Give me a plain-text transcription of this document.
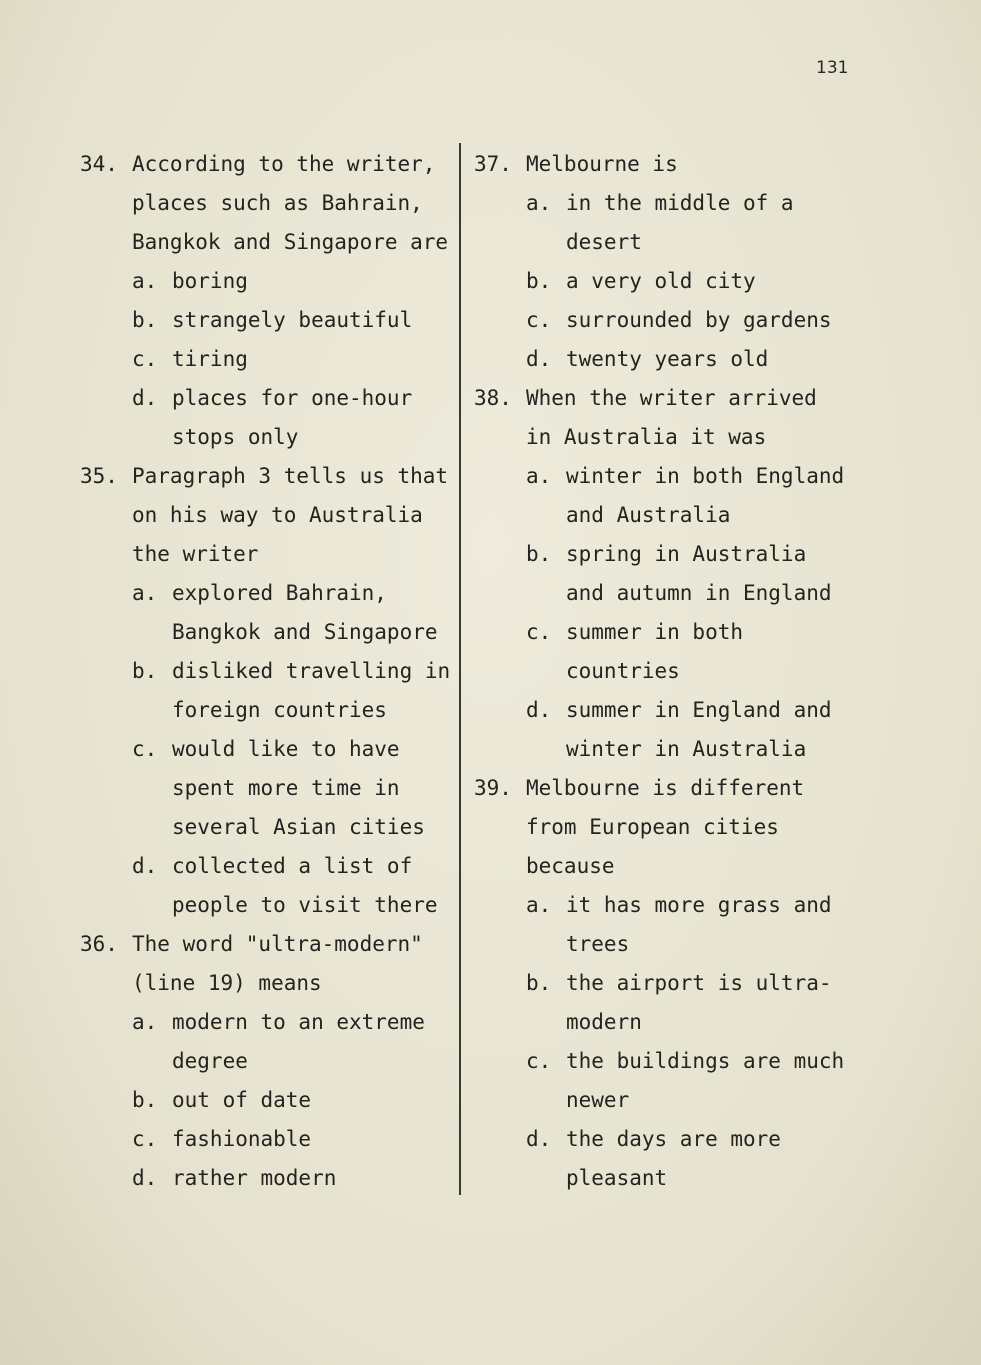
131
34. According to the writer,
places such as Bahrain,
Bangkok and Singapore are
a. boring
b. strangely beautiful
c. tiring
d. places for one-hour
stops only
35. Paragraph 3 tells us that
on his way to Australia
the writer
a. explored Bahrain,
Bangkok and Singapore
b. disliked travelling in
foreign countries
c. would like to have
spent more time in
several Asian cities
d. collected a list of
people to visit there
36. The word "ultra-modern"
(line 19) means
a. modern to an extreme
degree
b. out of date
c. fashionable
d. rather modern
37. Melbourne is
a. in the middle of a
desert
b. a very old city
c. surrounded by gardens
d. twenty years old
38. When the writer arrived
in Australia it was
a. winter in both England
and Australia
b. spring in Australia
and autumn in England
c. summer in both
countries
d. summer in England and
winter in Australia
39. Melbourne is different
from European cities
because
a. it has more grass and
trees
b. the airport is ultra-
modern
c. the buildings are much
newer
d. the days are more
pleasant
